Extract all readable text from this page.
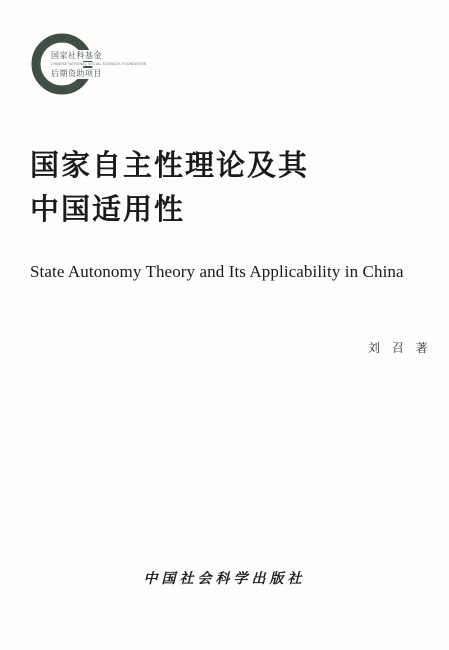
国家社科基金
CHINESE NATIONAL SOCIAL SCIENCES FOUNDATION
后期资助项目
国家自主性理论及其
中国适用性
State Autonomy Theory and Its Applicability in China
刘 召 著
中国社会科学出版社
